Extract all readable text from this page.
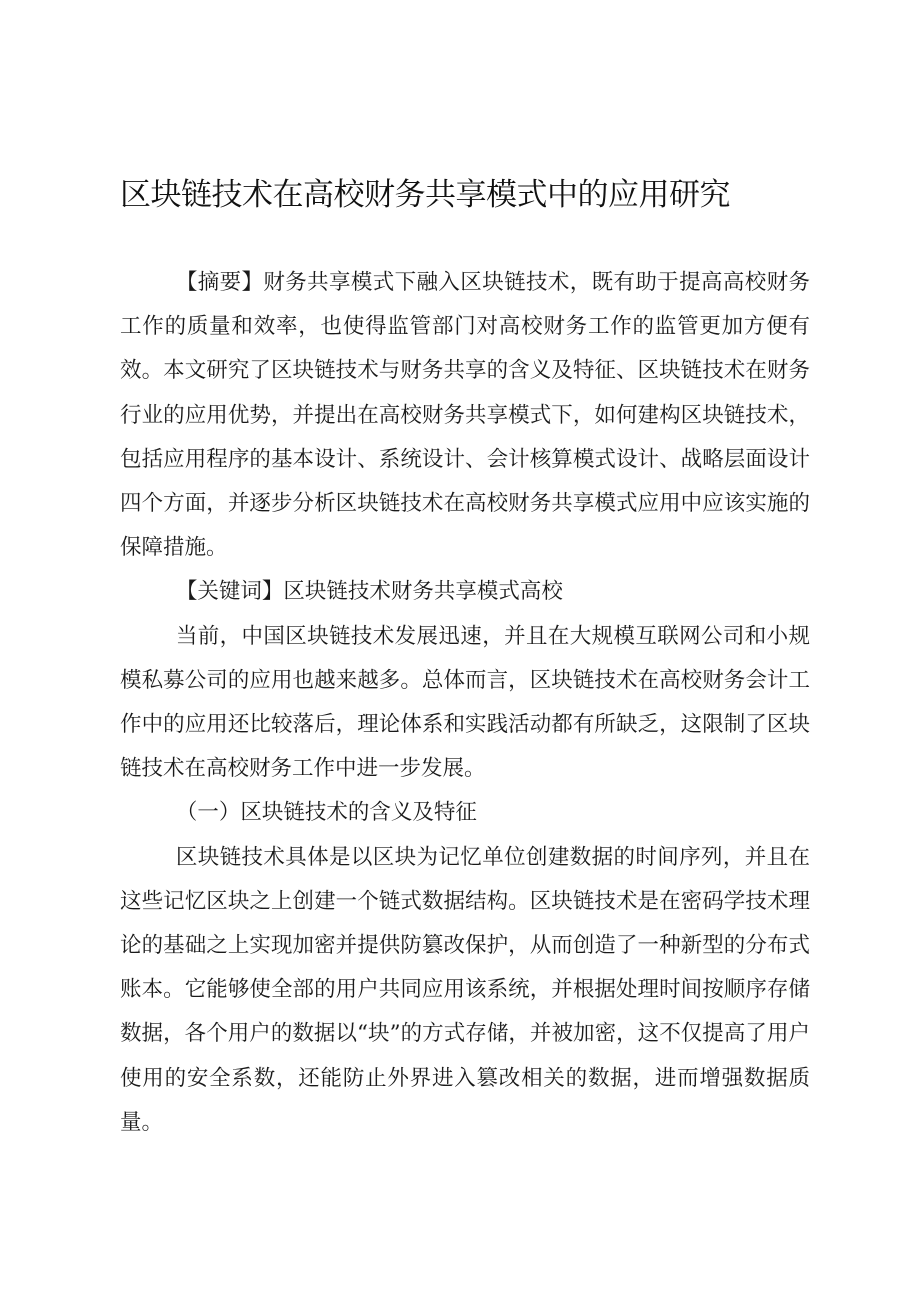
区块链技术在高校财务共享模式中的应用研究

【摘要】财务共享模式下融入区块链技术，既有助于提高高校财务工作的质量和效率，也使得监管部门对高校财务工作的监管更加方便有效。本文研究了区块链技术与财务共享的含义及特征、区块链技术在财务行业的应用优势，并提出在高校财务共享模式下，如何建构区块链技术，包括应用程序的基本设计、系统设计、会计核算模式设计、战略层面设计四个方面，并逐步分析区块链技术在高校财务共享模式应用中应该实施的保障措施。

【关键词】区块链技术财务共享模式高校

当前，中国区块链技术发展迅速，并且在大规模互联网公司和小规模私募公司的应用也越来越多。总体而言，区块链技术在高校财务会计工作中的应用还比较落后，理论体系和实践活动都有所缺乏，这限制了区块链技术在高校财务工作中进一步发展。

（一）区块链技术的含义及特征

区块链技术具体是以区块为记忆单位创建数据的时间序列，并且在这些记忆区块之上创建一个链式数据结构。区块链技术是在密码学技术理论的基础之上实现加密并提供防篡改保护，从而创造了一种新型的分布式账本。它能够使全部的用户共同应用该系统，并根据处理时间按顺序存储数据，各个用户的数据以“块”的方式存储，并被加密，这不仅提高了用户使用的安全系数，还能防止外界进入篡改相关的数据，进而增强数据质量。
